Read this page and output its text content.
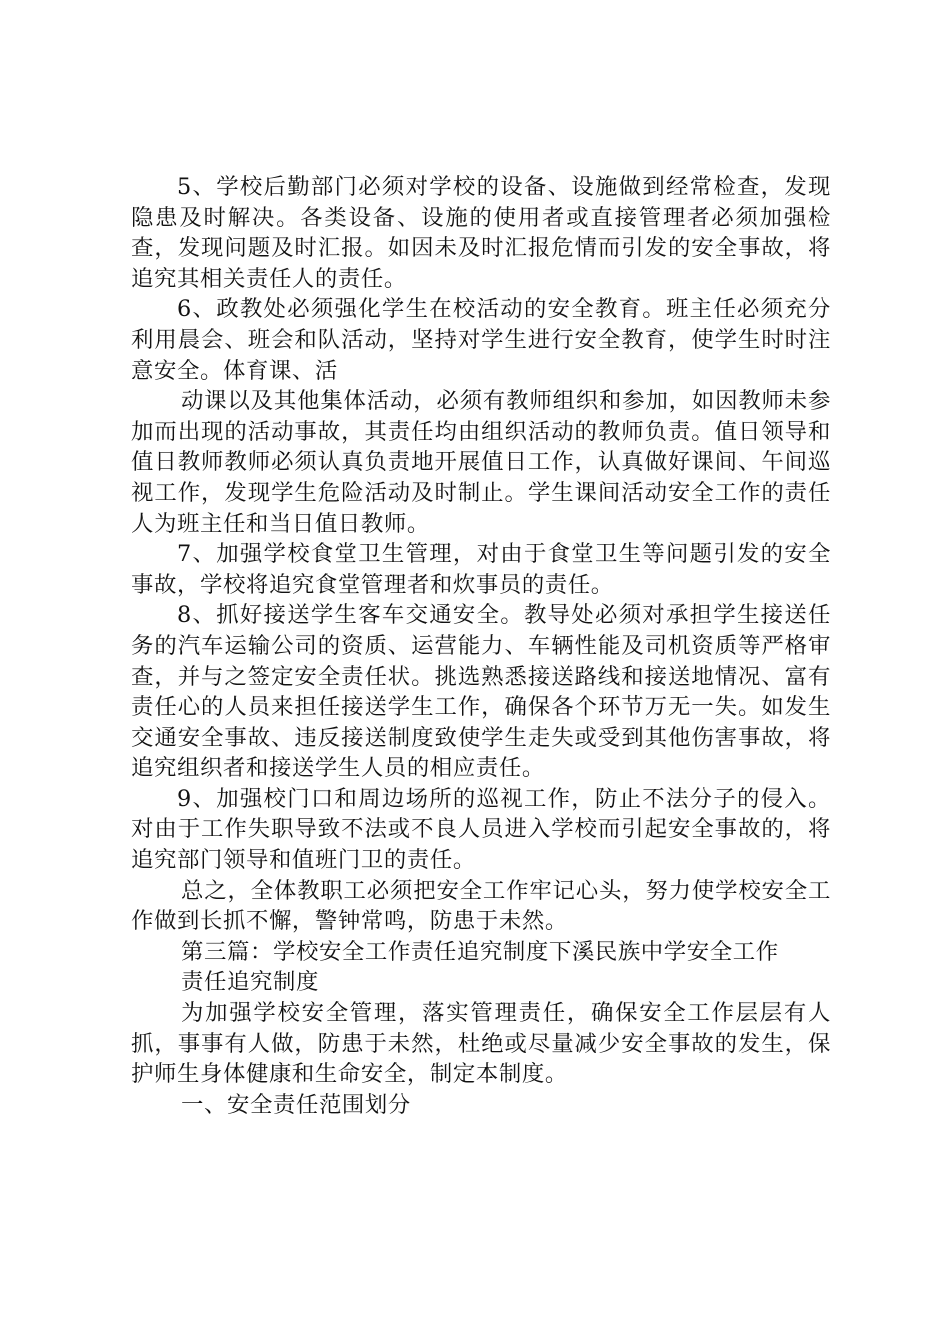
5、学校后勤部门必须对学校的设备、设施做到经常检查，发现隐患及时解决。各类设备、设施的使用者或直接管理者必须加强检查，发现问题及时汇报。如因未及时汇报危情而引发的安全事故，将追究其相关责任人的责任。

6、政教处必须强化学生在校活动的安全教育。班主任必须充分利用晨会、班会和队活动，坚持对学生进行安全教育，使学生时时注意安全。体育课、活

动课以及其他集体活动，必须有教师组织和参加，如因教师未参加而出现的活动事故，其责任均由组织活动的教师负责。值日领导和值日教师教师必须认真负责地开展值日工作，认真做好课间、午间巡视工作，发现学生危险活动及时制止。学生课间活动安全工作的责任人为班主任和当日值日教师。

7、加强学校食堂卫生管理，对由于食堂卫生等问题引发的安全事故，学校将追究食堂管理者和炊事员的责任。

8、抓好接送学生客车交通安全。教导处必须对承担学生接送任务的汽车运输公司的资质、运营能力、车辆性能及司机资质等严格审查，并与之签定安全责任状。挑选熟悉接送路线和接送地情况、富有责任心的人员来担任接送学生工作，确保各个环节万无一失。如发生交通安全事故、违反接送制度致使学生走失或受到其他伤害事故，将追究组织者和接送学生人员的相应责任。

9、加强校门口和周边场所的巡视工作，防止不法分子的侵入。对由于工作失职导致不法或不良人员进入学校而引起安全事故的，将追究部门领导和值班门卫的责任。

总之，全体教职工必须把安全工作牢记心头，努力使学校安全工作做到长抓不懈，警钟常鸣，防患于未然。

第三篇：学校安全工作责任追究制度下溪民族中学安全工作

责任追究制度

为加强学校安全管理，落实管理责任，确保安全工作层层有人抓，事事有人做，防患于未然，杜绝或尽量减少安全事故的发生，保护师生身体健康和生命安全，制定本制度。

一、安全责任范围划分
